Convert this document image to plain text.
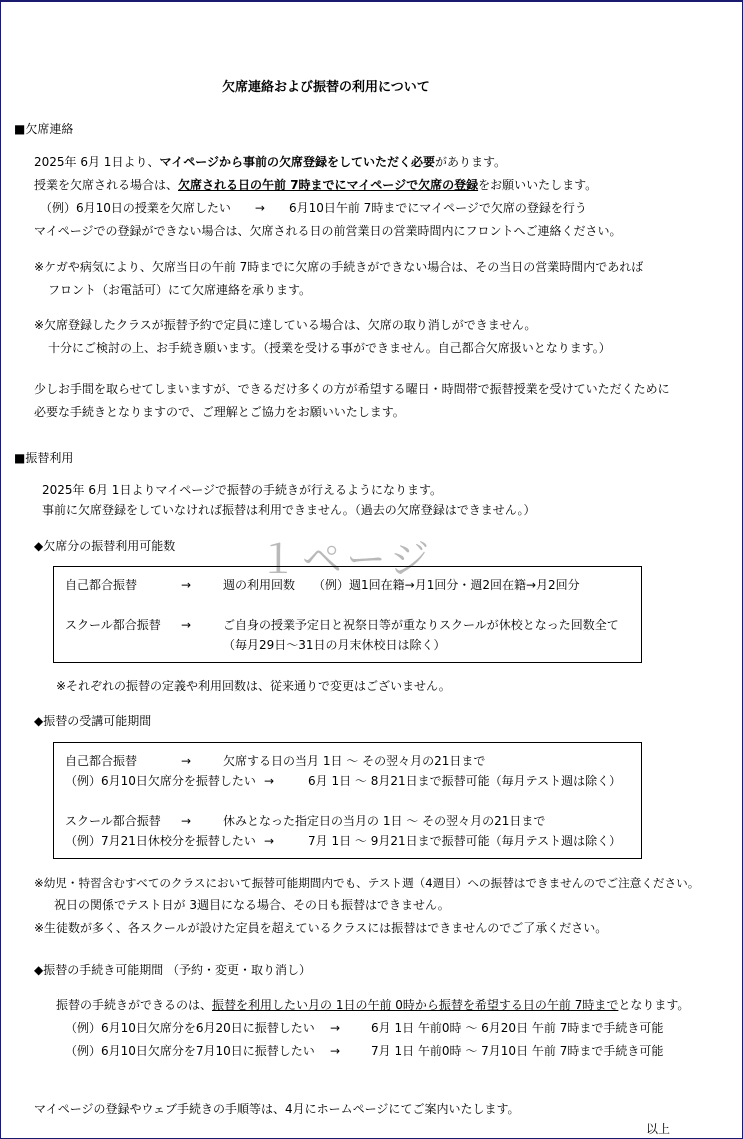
１ページ
欠席連絡および振替の利用について
■欠席連絡
2025年 6月 1日より、マイページから事前の欠席登録をしていただく必要があります。
授業を欠席される場合は、欠席される日の午前 7時までにマイページで欠席の登録をお願いいたします。
（例）6月10日の授業を欠席したい　　→　　6月10日午前 7時までにマイページで欠席の登録を行う
マイページでの登録ができない場合は、欠席される日の前営業日の営業時間内にフロントへご連絡ください。
※ケガや病気により、欠席当日の午前 7時までに欠席の手続きができない場合は、その当日の営業時間内であれば
フロント（お電話可）にて欠席連絡を承ります。
※欠席登録したクラスが振替予約で定員に達している場合は、欠席の取り消しができません。
十分にご検討の上、お手続き願います。（授業を受ける事ができません。自己都合欠席扱いとなります。）
少しお手間を取らせてしまいますが、できるだけ多くの方が希望する曜日・時間帯で振替授業を受けていただくために
必要な手続きとなりますので、ご理解とご協力をお願いいたします。
■振替利用
2025年 6月 1日よりマイページで振替の手続きが行えるようになります。
事前に欠席登録をしていなければ振替は利用できません。（過去の欠席登録はできません。）
◆欠席分の振替利用可能数
自己都合振替	→	週の利用回数　　（例）週1回在籍→月1回分・週2回在籍→月2回分
スクール都合振替 →	ご自身の授業予定日と祝祭日等が重なりスクールが休校となった回数全て
（毎月29日～31日の月末休校日は除く）
※それぞれの振替の定義や利用回数は、従来通りで変更はございません。
◆振替の受講可能期間
自己都合振替	→	欠席する日の当月 1日 ～ その翌々月の21日まで
（例）6月10日欠席分を振替したい →	6月 1日 ～ 8月21日まで振替可能（毎月テスト週は除く）
スクール都合振替 →	休みとなった指定日の当月の 1日 ～ その翌々月の21日まで
（例）7月21日休校分を振替したい →	7月 1日 ～ 9月21日まで振替可能（毎月テスト週は除く）
※幼児・特習含むすべてのクラスにおいて振替可能期間内でも、テスト週（4週目）への振替はできませんのでご注意ください。
祝日の関係でテスト日が 3週目になる場合、その日も振替はできません。
※生徒数が多く、各スクールが設けた定員を超えているクラスには振替はできませんのでご了承ください。
◆振替の手続き可能期間 （予約・変更・取り消し）
振替の手続きができるのは、振替を利用したい月の 1日の午前 0時から振替を希望する日の午前 7時までとなります。
（例）6月10日欠席分を6月20日に振替したい →	6月 1日 午前0時 ～ 6月20日 午前 7時まで手続き可能
（例）6月10日欠席分を7月10日に振替したい →	7月 1日 午前0時 ～ 7月10日 午前 7時まで手続き可能
マイページの登録やウェブ手続きの手順等は、4月にホームページにてご案内いたします。
以上
